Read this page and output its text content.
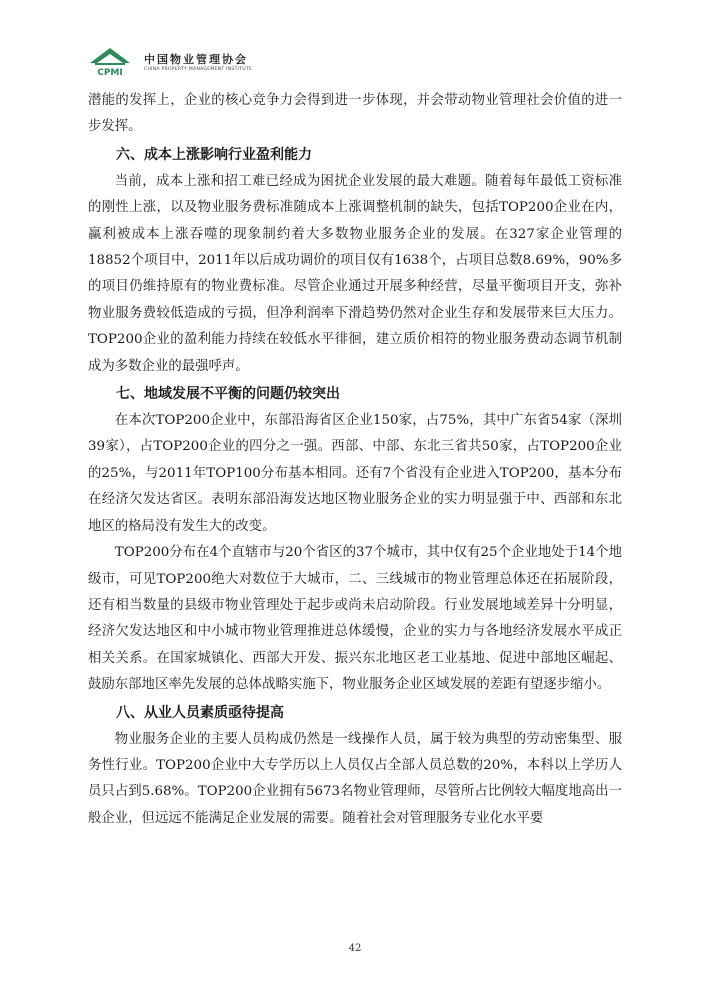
CPMI
中国物业管理协会
CHINA PROPERTY MANAGEMENT INSTITUTE

潜能的发挥上，企业的核心竞争力会得到进一步体现，并会带动物业管理社会价值的进一步发挥。

六、成本上涨影响行业盈利能力

当前，成本上涨和招工难已经成为困扰企业发展的最大难题。随着每年最低工资标准的刚性上涨，以及物业服务费标准随成本上涨调整机制的缺失，包括TOP200企业在内，赢利被成本上涨吞噬的现象制约着大多数物业服务企业的发展。在327家企业管理的18852个项目中，2011年以后成功调价的项目仅有1638个，占项目总数8.69%，90%多的项目仍维持原有的物业费标准。尽管企业通过开展多种经营，尽量平衡项目开支，弥补物业服务费较低造成的亏损，但净利润率下滑趋势仍然对企业生存和发展带来巨大压力。TOP200企业的盈利能力持续在较低水平徘徊，建立质价相符的物业服务费动态调节机制成为多数企业的最强呼声。

七、地域发展不平衡的问题仍较突出

在本次TOP200企业中，东部沿海省区企业150家，占75%，其中广东省54家（深圳39家），占TOP200企业的四分之一强。西部、中部、东北三省共50家，占TOP200企业的25%，与2011年TOP100分布基本相同。还有7个省没有企业进入TOP200，基本分布在经济欠发达省区。表明东部沿海发达地区物业服务企业的实力明显强于中、西部和东北地区的格局没有发生大的改变。

TOP200分布在4个直辖市与20个省区的37个城市，其中仅有25个企业地处于14个地级市，可见TOP200绝大对数位于大城市，二、三线城市的物业管理总体还在拓展阶段，还有相当数量的县级市物业管理处于起步或尚未启动阶段。行业发展地域差异十分明显，经济欠发达地区和中小城市物业管理推进总体缓慢，企业的实力与各地经济发展水平成正相关关系。在国家城镇化、西部大开发、振兴东北地区老工业基地、促进中部地区崛起、鼓励东部地区率先发展的总体战略实施下，物业服务企业区域发展的差距有望逐步缩小。

八、从业人员素质亟待提高

物业服务企业的主要人员构成仍然是一线操作人员，属于较为典型的劳动密集型、服务性行业。TOP200企业中大专学历以上人员仅占全部人员总数的20%，本科以上学历人员只占到5.68%。TOP200企业拥有5673名物业管理师，尽管所占比例较大幅度地高出一般企业，但远远不能满足企业发展的需要。随着社会对管理服务专业化水平要

42
